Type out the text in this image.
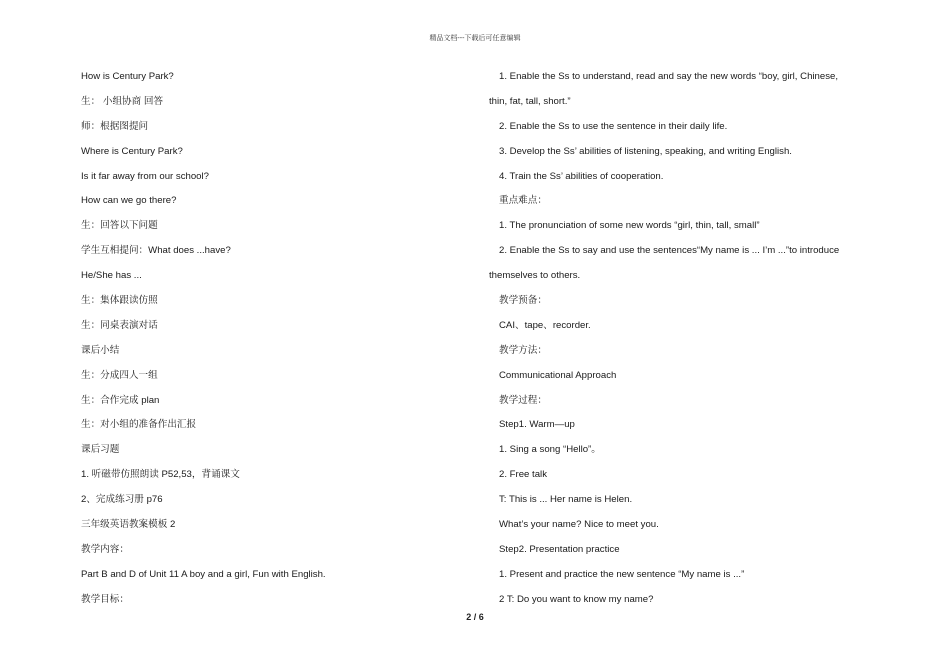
精品文档---下载后可任意编辑
How is Century Park?
生： 小组协商 回答
师：根据图提问
Where is Century Park?
Is it far away from our school?
How can we go there?
生：回答以下问题
学生互相提问：What does ...have?
He/She has ...
生：集体跟读仿照
生：同桌表演对话
课后小结
生：分成四人一组
生：合作完成 plan
生：对小组的准备作出汇报
课后习题
1. 听磁带仿照朗读 P52,53，背诵课文
2、完成练习册 p76
三年级英语教案模板 2
教学内容：
Part B and D of Unit 11 A boy and a girl, Fun with English.
教学目标：
1. Enable the Ss to understand, read and say the new words “boy, girl, Chinese,
thin, fat, tall, short.”
2. Enable the Ss to use the sentence in their daily life.
3. Develop the Ss’ abilities of listening, speaking, and writing English.
4. Train the Ss’ abilities of cooperation.
重点难点：
1. The pronunciation of some new words “girl, thin, tall, small”
2. Enable the Ss to say and use the sentences“My name is ... I’m ...”to introduce
themselves to others.
教学预备：
CAI、tape、recorder.
教学方法：
Communicational Approach
教学过程：
Step1. Warm—up
1. Sing a song “Hello”。
2. Free talk
T: This is ... Her name is Helen.
What’s your name? Nice to meet you.
Step2. Presentation practice
1. Present and practice the new sentence “My name is ...”
2 T: Do you want to know my name?
2 / 6
